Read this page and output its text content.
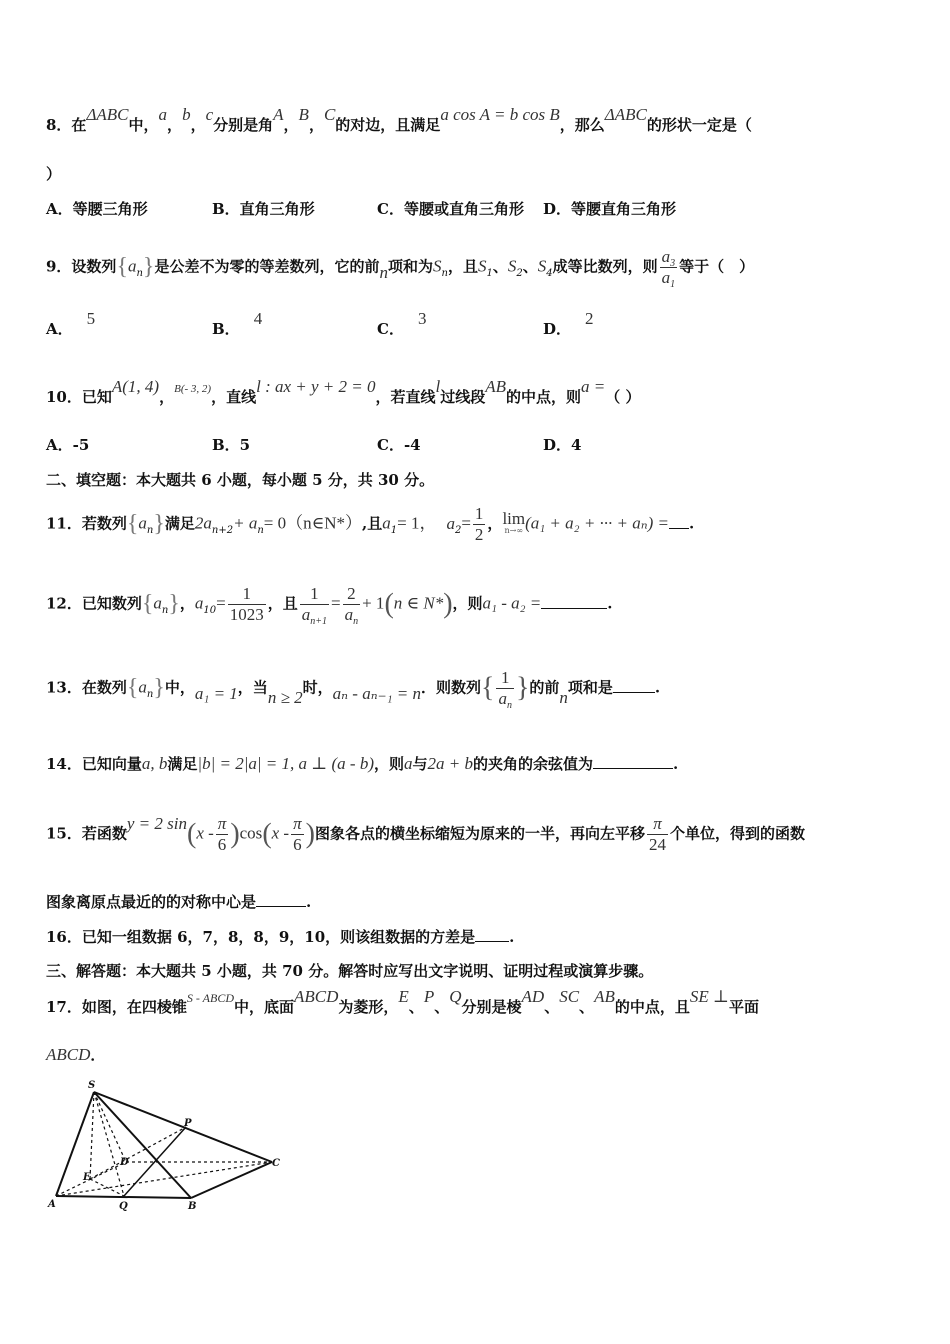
8．在ΔABC中，a，b，c分别是角A，B，C的对边，且满足a cos A = b cos B，那么ΔABC的形状一定是（
）
A．等腰三角形	B．直角三角形	C．等腰或直角三角形 D．等腰直角三角形
9．设数列$\{a_n\}$是公差不为零的等差数列，它的前n项和为$S_n$，且$S_1$、$S_2$、$S_4$成等比数列，则 $\frac{a_3}{a_1}$ 等于（　）
A．5
B．4
C．3
D．2
10．已知A(1, 4)，$^{B(- 3, 2)}$，直线l : ax + y + 2 = 0，若直线l过线段AB的中点，则a =（ ）
A．-5	B．5	C．-4	D．4
二、填空题：本大题共 6 小题，每小题 5 分，共 30 分。
11．若数列$\{a_n\}$满足$2a_{n+2}+ a_n=$ 0（n∈N*）,且$a_1= 1$， $a_2= \frac{1}{2}$ ， lim
n→∞ (a₁ + a₂ + ··· + aₙ) = .
12．已知数列$\{a_n\}$，$a_{10}= \frac{1}{1023}$ ，且 $\frac{1}{a_{n+1}} = \frac{2}{a_n} + 1(n$ ∈ N*)，则a₁ - a₂ =	.
13．在数列$\{a_n\}$中，a₁ = 1，当n ≥ 2时，aₙ - aₙ₋₁ = n．则数列{ $\frac{1}{a_n}$ }的前n项和是	.
14．已知向量a, b满足|b| = 2|a| = 1, a ⊥ (a - b)，则a与2a + b的夹角的余弦值为	.
15．若函数y = 2 $\sin(x - \frac{\pi}{6} )\cos(x - \frac{\pi}{6}$ )图象各点的横坐标缩短为原来的一半，再向左平移 $\frac{\pi}{24}$ 个单位，得到的函数
图象离原点最近的的对称中心是	.
16．已知一组数据 6，7，8，8，9，10，则该组数据的方差是 .
三、解答题：本大题共 5 小题，共 70 分。解答时应写出文字说明、证明过程或演算步骤。
17．如图，在四棱锥$^{S - ABCD}$中，底面ABCD为菱形，E、P、Q分别是棱AD、SC、AB的中点，且SE ⊥平面
ABCD．
S
P
D	C
E
A	Q	B
